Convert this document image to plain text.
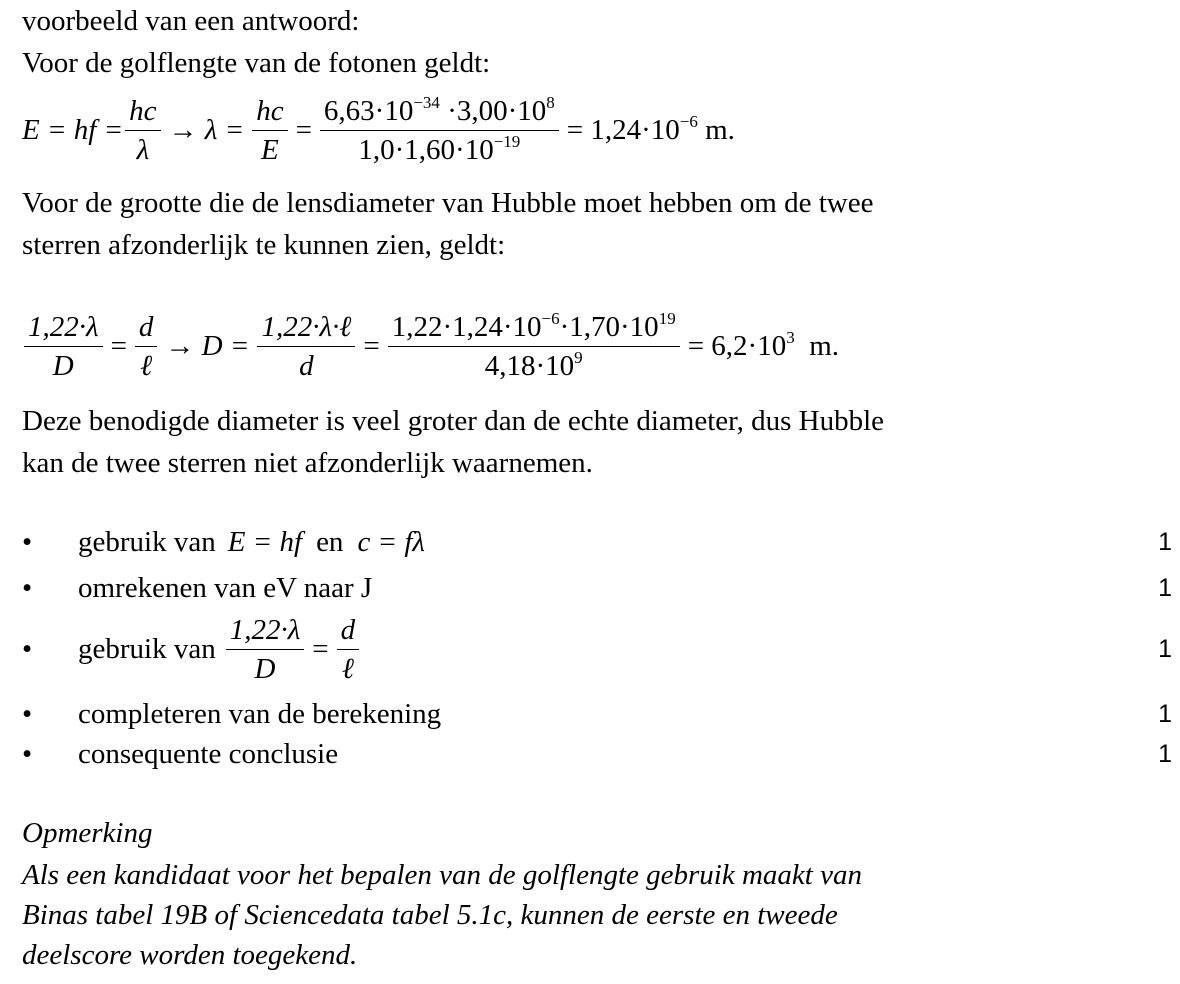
voorbeeld van een antwoord:
Voor de golflengte van de fotonen geldt:
E = hf = $\frac{hc}{\lambda} \to \lambda = \frac{hc}{E} = \frac{6,63\cdot 10^{-34} \cdot 3,00\cdot 10^8}{1,0\cdot 1,60\cdot 10^{-19}} = 1,24\cdot 10^{-6}$ m.
Voor de grootte die de lensdiameter van Hubble moet hebben om de twee
sterren afzonderlijk te kunnen zien, geldt:
$\frac{1,22\cdot\lambda}{D} = \frac{d}{\text{ℓ}} \to D = \frac{\text{1,22·λ·ℓ}}{d} = \frac{1,22\cdot 1,24\cdot 10^{-6}\cdot 1,70\cdot 10^{19}}{4,18\cdot 10^9} = 6,2\cdot 10^3$  m.
Deze benodigde diameter is veel groter dan de echte diameter, dus Hubble
kan de twee sterren niet afzonderlijk waarnemen.
•	gebruik van E = hf en c = fλ	1
•	omrekenen van eV naar J	1
•	gebruik van $\frac{1,22\cdot\lambda}{D} = \frac{d}{\text{ℓ}}$	1
•	completeren van de berekening	1
•	consequente conclusie	1
Opmerking
Als een kandidaat voor het bepalen van de golflengte gebruik maakt van
Binas tabel 19B of Sciencedata tabel 5.1c, kunnen de eerste en tweede
deelscore worden toegekend.
